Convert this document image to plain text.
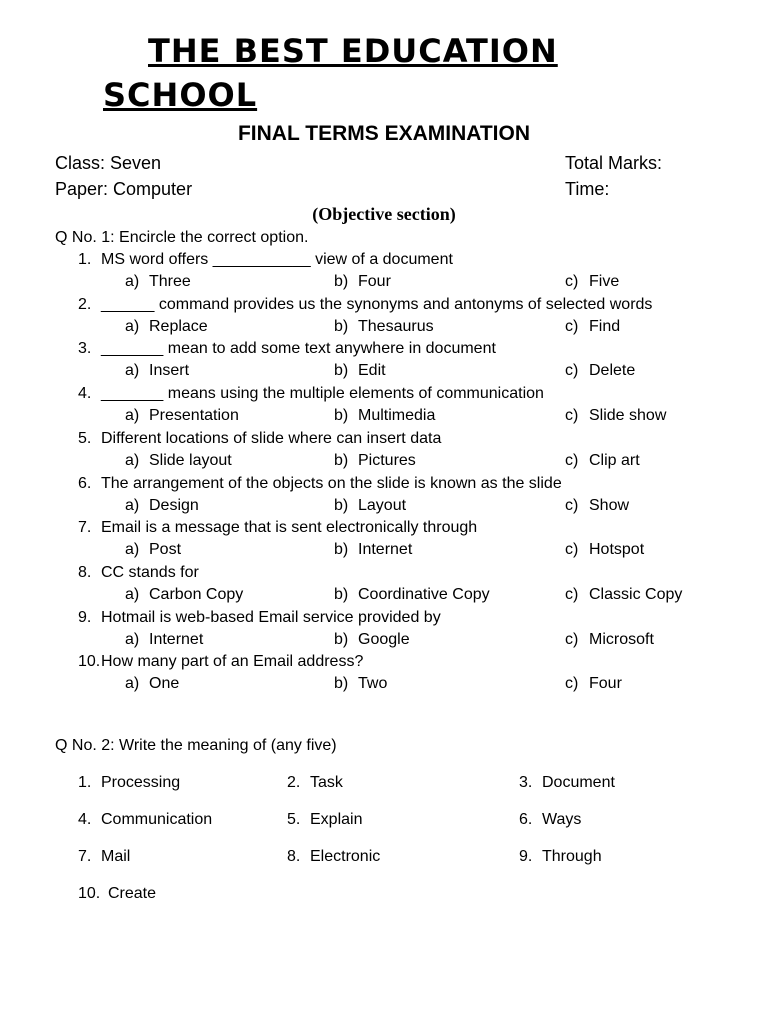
THE BEST EDUCATION
SCHOOL
FINAL TERMS EXAMINATION
Class: Seven	Total Marks:
Paper: Computer	Time:
(Objective section)
Q No. 1: Encircle the correct option.
1. MS word offers ___________ view of a document
a) Three	b) Four	c) Five
2. ______ command provides us the synonyms and antonyms of selected words
a) Replace	b) Thesaurus	c) Find
3. _______ mean to add some text anywhere in document
a) Insert	b) Edit	c) Delete
4. _______ means using the multiple elements of communication
a) Presentation	b) Multimedia	c) Slide show
5. Different locations of slide where can insert data
a) Slide layout	b) Pictures	c) Clip art
6. The arrangement of the objects on the slide is known as the slide
a) Design	b) Layout	c) Show
7. Email is a message that is sent electronically through
a) Post	b) Internet	c) Hotspot
8. CC stands for
a) Carbon Copy	b) Coordinative Copy	c) Classic Copy
9. Hotmail is web-based Email service provided by
a) Internet	b) Google	c) Microsoft
10.How many part of an Email address?
a) One	b) Two	c) Four
Q No. 2: Write the meaning of (any five)
1. Processing	2. Task	3. Document
4. Communication	5. Explain	6. Ways
7. Mail	8. Electronic	9. Through
10. Create
